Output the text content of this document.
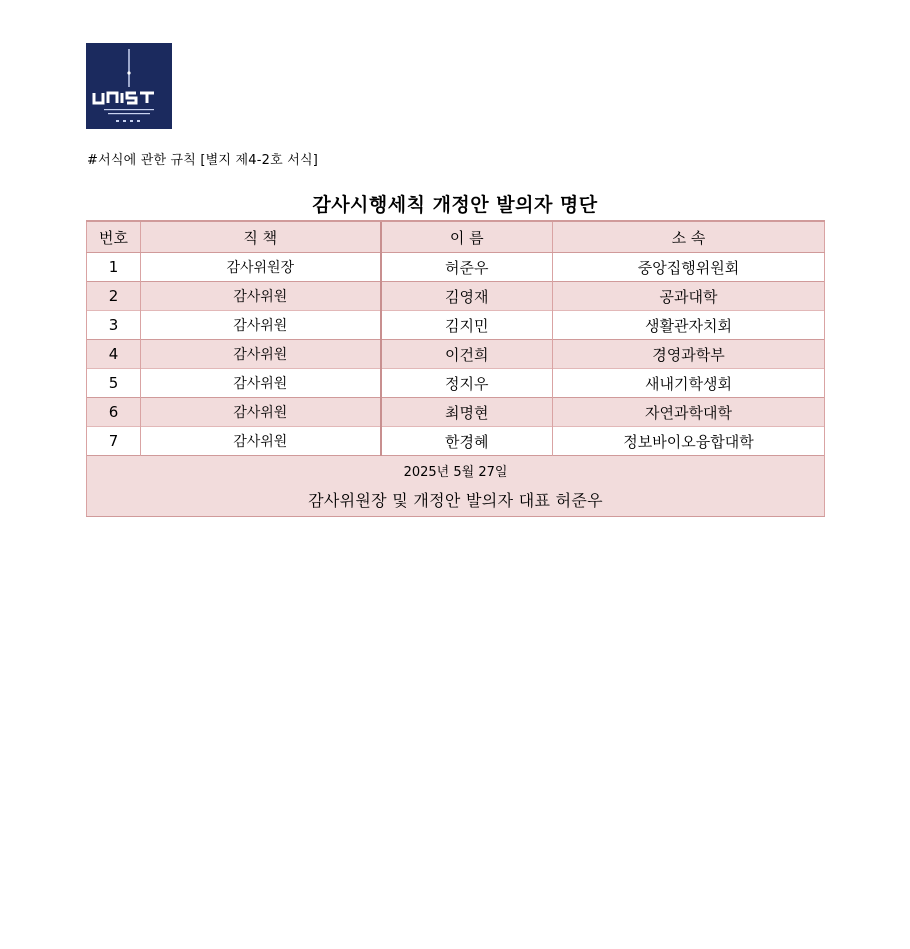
#서식에 관한 규칙 [별지 제4-2호 서식]
감사시행세칙 개정안 발의자 명단
번호	직 책	이 름	소 속
1	감사위원장	허준우	중앙집행위원회
2	감사위원	김영재	공과대학
3	감사위원	김지민	생활관자치회
4	감사위원	이건희	경영과학부
5	감사위원	정지우	새내기학생회
6	감사위원	최명현	자연과학대학
7	감사위원	한경혜	정보바이오융합대학

2025년 5월 27일
감사위원장 및 개정안 발의자 대표 허준우			
